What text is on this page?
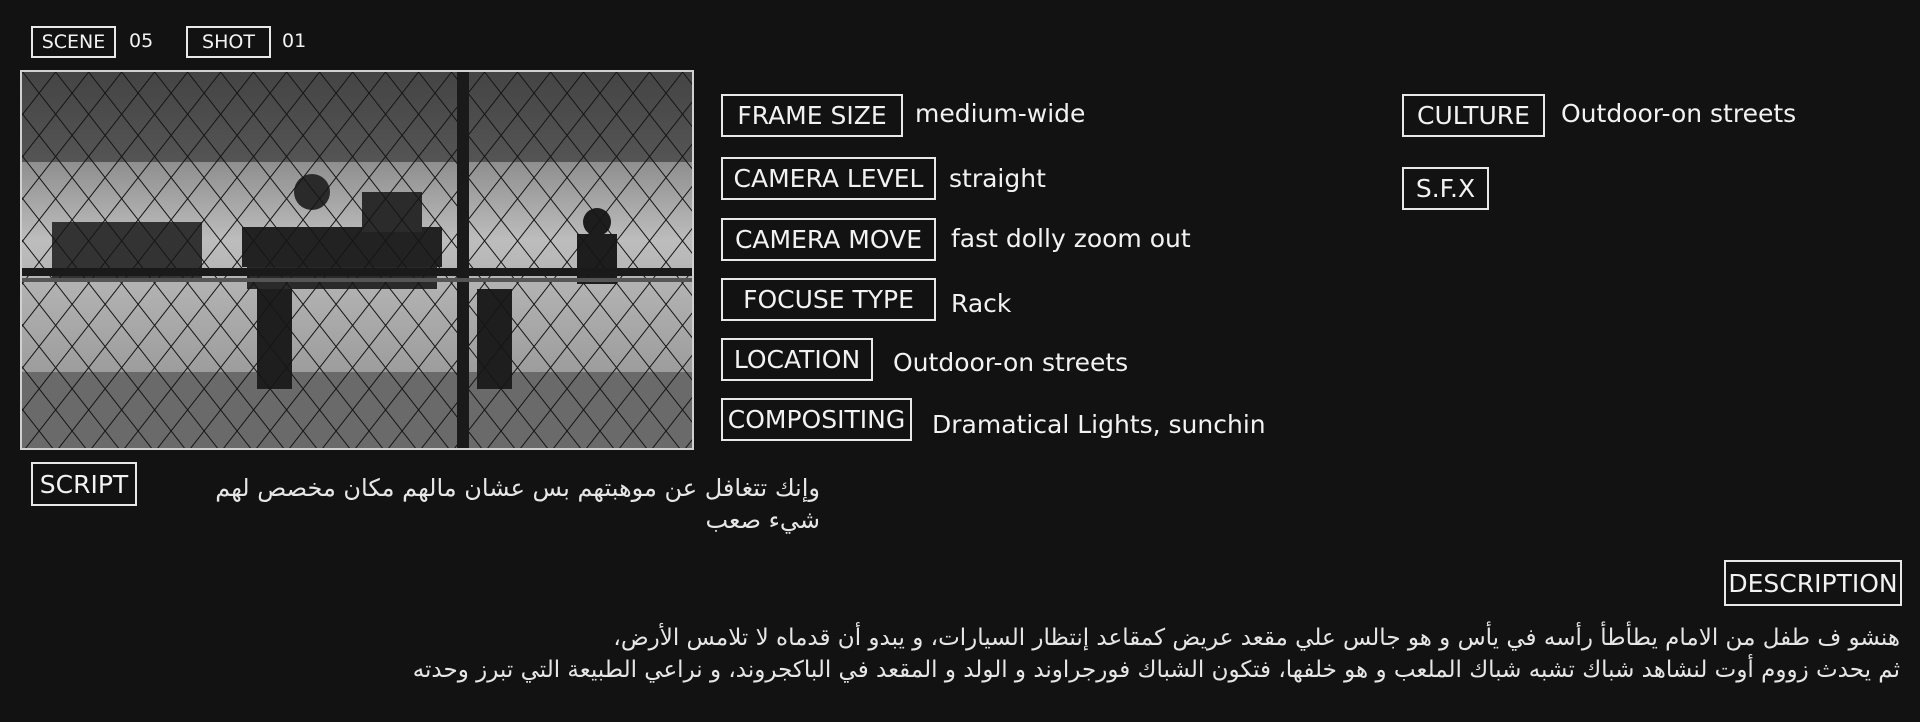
SCENE	05	SHOT	01
FRAME SIZE	medium-wide
CAMERA LEVEL	straight
CAMERA MOVE	fast dolly zoom out
FOCUSE TYPE	Rack
LOCATION	Outdoor-on streets
COMPOSITING Dramatical Lights, sunchin
CULTURE	Outdoor-on streets
S.F.X
SCRIPT	وإنك تتغافل عن موهبتهم بس عشان مالهم مكان مخصص لهم
شيء صعب
DESCRIPTION
هنشو ف طفل من الامام يطأطأ رأسه في يأس و هو جالس علي مقعد عريض كمقاعد إنتظار السيارات، و يبدو أن قدماه لا تلامس الأرض،
ثم يحدث زووم أوت لنشاهد شباك تشبه شباك الملعب و هو خلفها، فتكون الشباك فورجراوند و الولد و المقعد في الباكجروند، و نراعي الطبيعة التي تبرز وحدته
